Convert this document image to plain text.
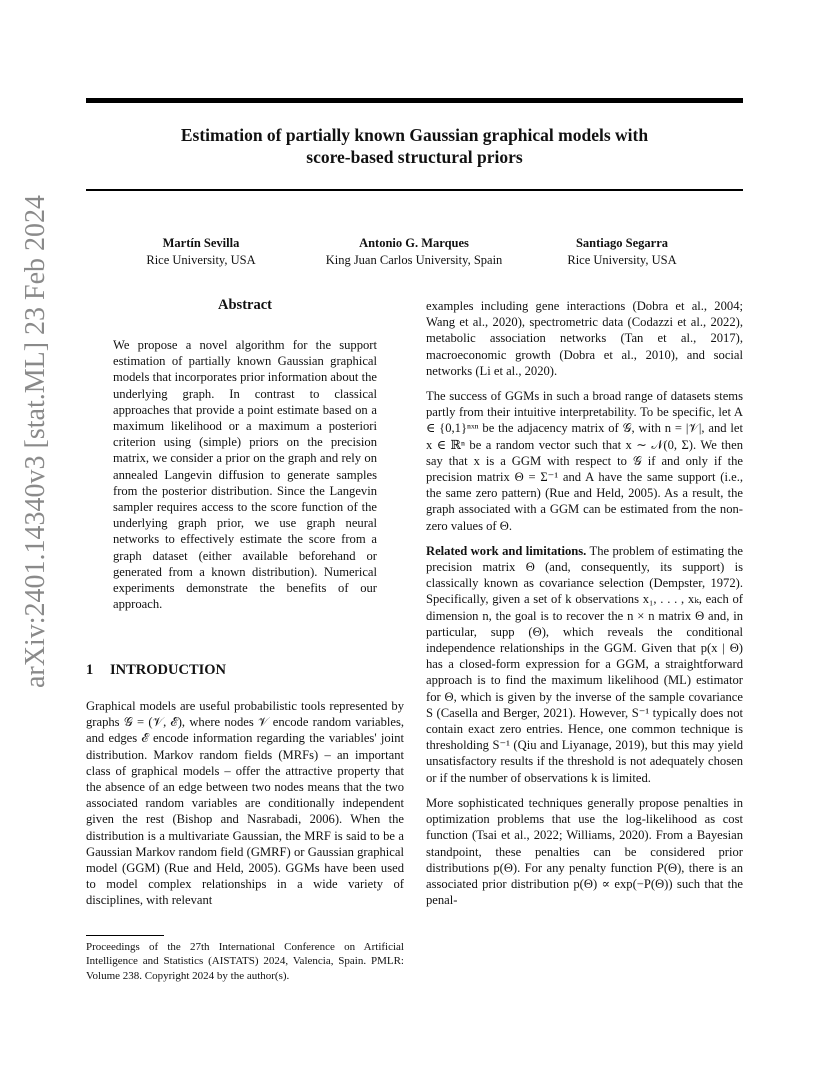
Estimation of partially known Gaussian graphical models with
score-based structural priors
arXiv:2401.14340v3 [stat.ML] 23 Feb 2024	Martín Sevilla
Rice University, USA
Antonio G. Marques
King Juan Carlos University, Spain
Santiago Segarra
Rice University, USA
Abstract
We propose a novel algorithm for the support estimation of partially known Gaussian graphical models that incorporates prior information about the underlying graph. In contrast to classical approaches that provide a point estimate based on a maximum likelihood or a maximum a posteriori criterion using (simple) priors on the precision matrix, we consider a prior on the graph and rely on annealed Langevin diffusion to generate samples from the posterior distribution. Since the Langevin sampler requires access to the score function of the underlying graph prior, we use graph neural networks to effectively estimate the score from a graph dataset (either available beforehand or generated from a known distribution). Numerical experiments demonstrate the benefits of our approach.
1 INTRODUCTION
Graphical models are useful probabilistic tools represented by graphs 𝒢 = (𝒱, ℰ), where nodes 𝒱 encode random variables, and edges ℰ encode information regarding the variables' joint distribution. Markov random fields (MRFs) – an important class of graphical models – offer the attractive property that the absence of an edge between two nodes means that the two associated random variables are conditionally independent given the rest (Bishop and Nasrabadi, 2006). When the distribution is a multivariate Gaussian, the MRF is said to be a Gaussian Markov random field (GMRF) or Gaussian graphical model (GGM) (Rue and Held, 2005). GGMs have been used to model complex relationships in a wide variety of disciplines, with relevant
Proceedings of the 27th International Conference on Artificial Intelligence and Statistics (AISTATS) 2024, Valencia, Spain. PMLR: Volume 238. Copyright 2024 by the author(s).

examples including gene interactions (Dobra et al., 2004; Wang et al., 2020), spectrometric data (Codazzi et al., 2022), metabolic association networks (Tan et al., 2017), macroeconomic growth (Dobra et al., 2010), and social networks (Li et al., 2020).

The success of GGMs in such a broad range of datasets stems partly from their intuitive interpretability. To be specific, let A ∈ {0,1}ⁿˣⁿ be the adjacency matrix of 𝒢, with n = |𝒱|, and let x ∈ ℝⁿ be a random vector such that x ∼ 𝒩(0, Σ). We then say that x is a GGM with respect to 𝒢 if and only if the precision matrix Θ = Σ⁻¹ and A have the same support (i.e., the same zero pattern) (Rue and Held, 2005). As a result, the graph associated with a GGM can be estimated from the non-zero values of Θ.

Related work and limitations. The problem of estimating the precision matrix Θ (and, consequently, its support) is classically known as covariance selection (Dempster, 1972). Specifically, given a set of k observations x₁, . . . , xₖ, each of dimension n, the goal is to recover the n × n matrix Θ and, in particular, supp (Θ), which reveals the conditional independence relationships in the GGM. Given that p(x | Θ) has a closed-form expression for a GGM, a straightforward approach is to find the maximum likelihood (ML) estimator for Θ, which is given by the inverse of the sample covariance S (Casella and Berger, 2021). However, S⁻¹ typically does not contain exact zero entries. Hence, one common technique is thresholding S⁻¹ (Qiu and Liyanage, 2019), but this may yield unsatisfactory results if the threshold is not adequately chosen or if the number of observations k is limited.

More sophisticated techniques generally propose penalties in optimization problems that use the log-likelihood as cost function (Tsai et al., 2022; Williams, 2020). From a Bayesian standpoint, these penalties can be considered prior distributions p(Θ). For any penalty function P(Θ), there is an associated prior distribution p(Θ) ∝ exp(−P(Θ)) such that the penal-
